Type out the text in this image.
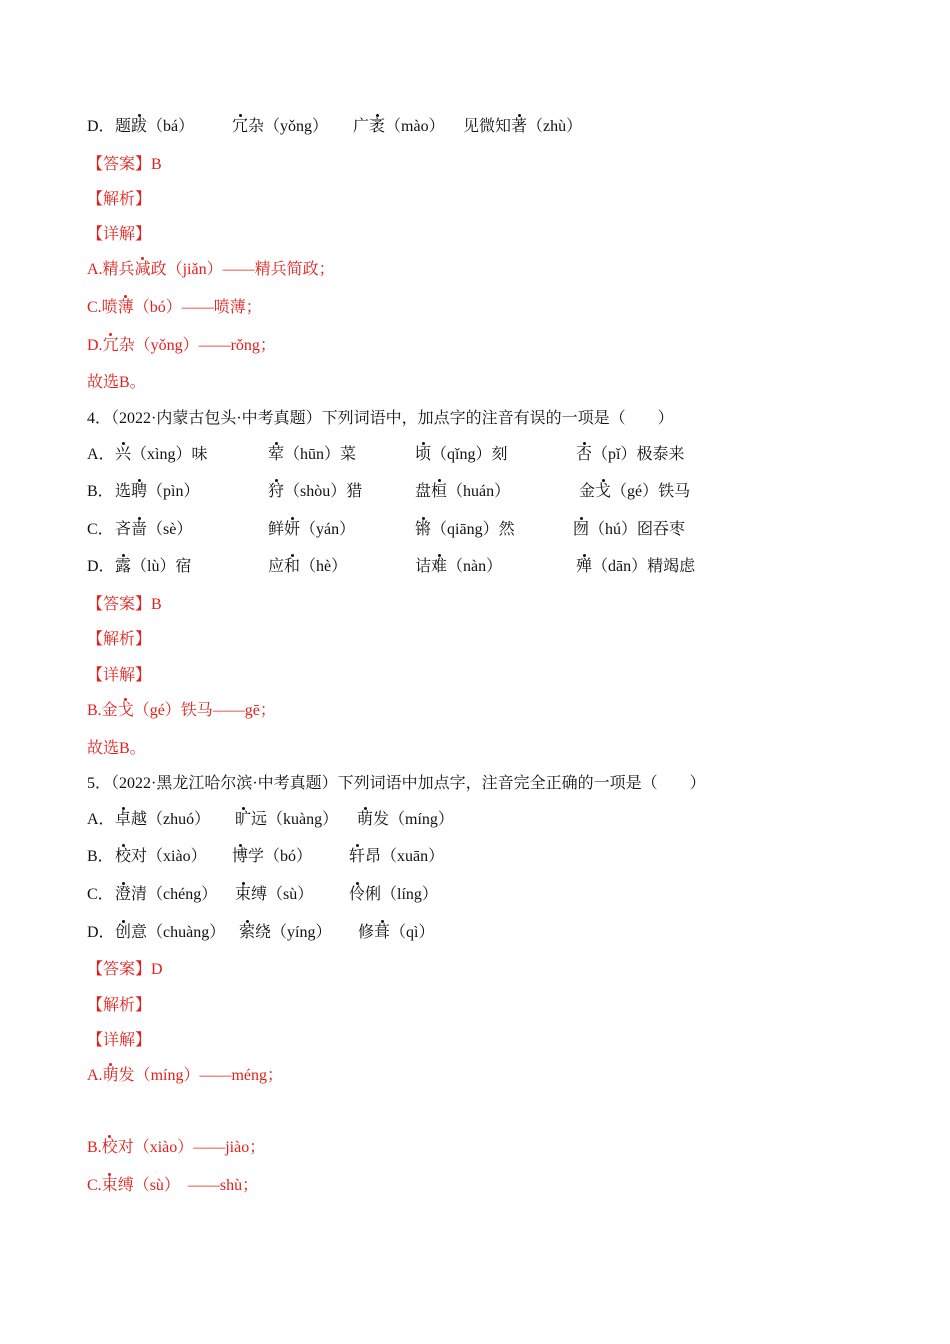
D． 题跋（bá） 冗杂（yǒng） 广袤（mào） 见微知著（zhù）
【答案】B
【解析】
【详解】
A.精兵减政（jiǎn）——精兵简政；
C.喷薄（bó）——喷薄；
D.冗杂（yǒng）——rǒng；
故选B。
4．（2022·内蒙古包头·中考真题）下列词语中，加点字的注音有误的一项是（　　）
A． 兴（xìng）味	荤（hūn）菜	顷（qǐng）刻	否（pǐ）极泰来
B． 选聘（pìn）	狩（shòu）猎	盘桓（huán）	金戈（gé）铁马
C． 吝啬（sè）	鲜妍（yán）	锵（qiāng）然	囫（hú）囵吞枣
D． 露（lù）宿	应和（hè）	诘难（nàn）	殚（dān）精竭虑
【答案】B
【解析】
【详解】
B.金戈（gé）铁马——gē；
故选B。
5．（2022·黑龙江哈尔滨·中考真题）下列词语中加点字，注音完全正确的一项是（　　）
A． 卓越（zhuó） 旷远（kuàng） 萌发（míng）
B． 校对（xiào） 博学（bó） 轩昂（xuān）
C． 澄清（chéng） 束缚（sù） 伶俐（líng）
D． 创意（chuàng） 萦绕（yíng） 修葺（qì）
【答案】D
【解析】
【详解】
A.萌发（míng）——méng；
B.校对（xiào）——jiào；
C.束缚（sù）　——shù；
